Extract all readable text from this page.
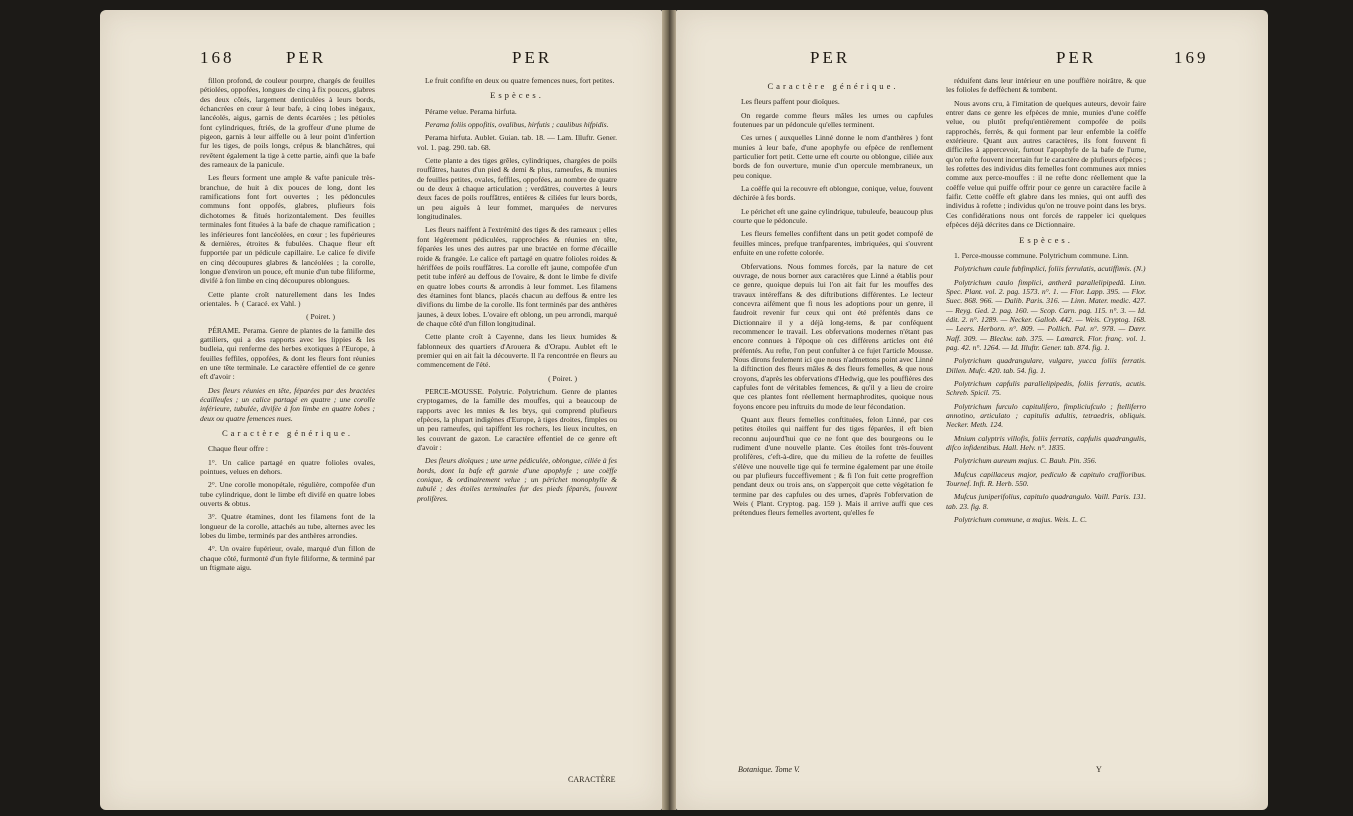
168	PER	PER

fillon profond, de couleur pourpre, chargés de feuilles pétiolées, oppofées, longues de cinq à fix pouces, glabres des deux côtés, largement denticulées à leurs bords, échancrées en cœur à leur bafe, à cinq lobes inégaux, lancéolés, aigus, garnis de dents écartées ; les pétioles font cylindriques, ftriés, de la groffeur d'une plume de pigeon, garnis à leur aiffelle ou à leur point d'infertion fur les tiges, de poils longs, crépus & blanchâtres, qui revêtent également la tige à cette partie, ainfi que la bafe des rameaux de la panicule.

Les fleurs forment une ample & vafte panicule très-branchue, de huit à dix pouces de long, dont les ramifications font fort ouvertes ; les pédoncules communs font oppofés, glabres, plufieurs fois dichotomes & fitués horizontalement. Des feuilles terminales font fituées à la bafe de chaque ramification ; les inférieures font lancéolées, en cœur ; les fupérieures & dernières, étroites & fubulées. Chaque fleur eft fupportée par un pédicule capillaire. Le calice fe divife en cinq découpures glabres & lancéolées ; la corolle, longue d'environ un pouce, eft munie d'un tube filiforme, divifé à fon limbe en cinq découpures oblongues.

Cette plante croît naturellement dans les Indes orientales. ♄ ( Caracé. ex Vahl. )

( Poiret. )

PÉRAME. Perama. Genre de plantes de la famille des gattiliers, qui a des rapports avec les lippies & les budleia, qui renferme des herbes exotiques à l'Europe, à feuilles feffiles, oppofées, & dont les fleurs font réunies en une tête terminale. Le caractère effentiel de ce genre eft d'avoir :

Des fleurs réunies en tête, féparées par des bractées écailleufes ; un calice partagé en quatre ; une corolle inférieure, tubulée, divifée à fon limbe en quatre lobes ; deux ou quatre femences nues.

Caractère générique.

Chaque fleur offre :

1°. Un calice partagé en quatre folioles ovales, pointues, velues en dehors.

2°. Une corolle monopétale, régulière, compofée d'un tube cylindrique, dont le limbe eft divifé en quatre lobes ouverts & obtus.

3°. Quatre étamines, dont les filamens font de la longueur de la corolle, attachés au tube, alternes avec les lobes du limbe, terminés par des anthères arrondies.

4°. Un ovaire fupérieur, ovale, marqué d'un fillon de chaque côté, furmonté d'un ftyle filiforme, & terminé par un ftigmate aigu.

Le fruit confifte en deux ou quatre femences nues, fort petites.

Espèces.

Pérame velue. Perama hirfuta.

Perama foliis oppofitis, ovalibus, hirfutis ; caulibus hifpidis.

Perama hirfuta. Aublet. Guian. tab. 18. — Lam. Illuftr. Gener. vol. 1. pag. 290. tab. 68.

Cette plante a des tiges grêles, cylindriques, chargées de poils rouffâtres, hautes d'un pied & demi & plus, rameufes, & munies de feuilles petites, ovales, feffiles, oppofées, au nombre de quatre ou de deux à chaque articulation ; verdâtres, couvertes à leurs deux faces de poils rouffâtres, entières & ciliées fur leurs bords, un peu aiguës à leur fommet, marquées de nervures longitudinales.

Les fleurs naiffent à l'extrémité des tiges & des rameaux ; elles font légèrement pédiculées, rapprochées & réunies en tête, féparées les unes des autres par une bractée en forme d'écaille roide & frangée. Le calice eft partagé en quatre folioles roides & hériffées de poils rouffâtres. La corolle eft jaune, compofée d'un petit tube inféré au deffous de l'ovaire, & dont le limbe fe divife en quatre lobes courts & arrondis à leur fommet. Les filamens des étamines font blancs, placés chacun au deffous & entre les divifions du limbe de la corolle. Ils font terminés par des anthères jaunes, à deux lobes. L'ovaire eft oblong, un peu arrondi, marqué de chaque côté d'un fillon longitudinal.

Cette plante croît à Cayenne, dans les lieux humides & fablonneux des quartiers d'Arouera & d'Orapu. Aublet eft le premier qui en ait fait la découverte. Il l'a rencontrée en fleurs au commencement de l'été.

( Poiret. )

PERCE-MOUSSE. Polytric. Polytrichum. Genre de plantes cryptogames, de la famille des mouffes, qui a beaucoup de rapports avec les mnies & les brys, qui comprend plufieurs efpèces, la plupart indigènes d'Europe, à tiges droites, fimples ou un peu rameufes, qui tapiffent les rochers, les lieux incultes, en les couvrant de gazon. Le caractère effentiel de ce genre eft d'avoir :

Des fleurs dioïques ; une urne pédiculée, oblongue, ciliée à fes bords, dont la bafe eft garnie d'une apophyfe ; une coëffe conique, & ordinairement velue ; un périchet monophylle & tubulé ; des étoiles terminales fur des pieds féparés, fouvent prolifères.

CARACTÈRE
PER	PER	169
Caractère générique.

Les fleurs paffent pour dioïques.

On regarde comme fleurs mâles les urnes ou capfules foutenues par un pédoncule qu'elles terminent.

Ces urnes ( auxquelles Linné donne le nom d'anthères ) font munies à leur bafe, d'une apophyfe ou efpèce de renflement particulier fort petit. Cette urne eft courte ou oblongue, ciliée aux bords de fon ouverture, munie d'un opercule membraneux, un peu conique.

La coëffe qui la recouvre eft oblongue, conique, velue, fouvent déchirée à fes bords.

Le périchet eft une gaine cylindrique, tubuleufe, beaucoup plus courte que le pédoncule.

Les fleurs femelles confiftent dans un petit godet compofé de feuilles minces, prefque tranfparentes, imbriquées, qui s'ouvrent enfuite en une rofette colorée.

Obfervations. Nous fommes forcés, par la nature de cet ouvrage, de nous borner aux caractères que Linné a établis pour ce genre, quoique depuis lui l'on ait fait fur les mouffes des travaux intéreffans & des diftributions différentes. Le lecteur concevra aifément que fi nous les adoptions pour un genre, il faudroit revenir fur ceux qui ont été préfentés dans ce Dictionnaire il y a déjà long-tems, & par conféquent recommencer le travail. Les obfervations modernes n'étant pas encore connues à l'époque où ces différens articles ont été préfentés. Au refte, l'on peut confulter à ce fujet l'article Mousse. Nous dirons feulement ici que nous n'admettons point avec Linné la diftinction des fleurs mâles & des fleurs femelles, & que nous croyons, d'après les obfervations d'Hedwig, que les pouffières des capfules font de véritables femences, & qu'il y a lieu de croire que ces plantes font réellement hermaphrodites, quoique nous foyons encore peu inftruits du mode de leur fécondation.

Quant aux fleurs femelles conftituées, felon Linné, par ces petites étoiles qui naiffent fur des tiges féparées, il eft bien reconnu aujourd'hui que ce ne font que des bourgeons ou le rudiment d'une nouvelle plante. Ces étoiles font très-fouvent prolifères, c'eft-à-dire, que du milieu de la rofette de feuilles s'élève une nouvelle tige qui fe termine également par une étoile ou par plufieurs fucceffivement ; & fi l'on fuit cette progreffion pendant deux ou trois ans, on s'apperçoit que cette végétation fe termine par des capfules ou des urnes, d'après l'obfervation de Weis ( Plant. Cryptog. pag. 159 ). Mais il arrive auffi que ces prétendues fleurs femelles avortent, qu'elles fe

réduifent dans leur intérieur en une pouffière noirâtre, & que les folioles fe deffèchent & tombent.

Nous avons cru, à l'imitation de quelques auteurs, devoir faire entrer dans ce genre les efpèces de mnie, munies d'une coëffe velue, ou plutôt prefqu'entièrement compofée de poils rapprochés, ferrés, & qui forment par leur enfemble la coëffe extérieure. Quant aux autres caractères, ils font fouvent fi difficiles à appercevoir, furtout l'apophyfe de la bafe de l'urne, qu'on refte fouvent incertain fur le caractère de plufieurs efpèces ; les rofettes des individus dits femelles font communes aux mnies comme aux perce-mouffes : il ne refte donc réellement que la coëffe velue qui puiffe offrir pour ce genre un caractère facile à faifir. Cette coëffe eft glabre dans les mnies, qui ont auffi des individus à rofette ; individus qu'on ne trouve point dans les brys. Ces confidérations nous ont forcés de rappeler ici quelques efpèces déjà décrites dans ce Dictionnaire.

Espèces.

1. Perce-mousse commune. Polytrichum commune. Linn.

Polytrichum caule fubfimplici, foliis ferrulatis, acutiffimis. (N.)

Polytrichum caulo fimplici, antherâ parallelipipedâ. Linn. Spec. Plant. vol. 2. pag. 1573. n°. 1. — Flor. Lapp. 395. — Flor. Suec. 868. 966. — Dalib. Paris. 316. — Linn. Mater. medic. 427. — Reyg. Ged. 2. pag. 160. — Scop. Carn. pag. 115. n°. 3. — Id. édit. 2. n°. 1289. — Necker. Gallob. 442. — Weis. Cryptog. 168. — Leers. Herborn. n°. 809. — Pollich. Pal. n°. 978. — Dœrr. Naff. 309. — Bleckw. tab. 375. — Lamarck. Flor. franç. vol. 1. pag. 42. n°. 1264. — Id. Illuftr. Gener. tab. 874. fig. 1.

Polytrichum quadrangulare, vulgare, yucca foliis ferratis. Dillen. Mufc. 420. tab. 54. fig. 1.

Polytrichum capfulis parallelipipedis, foliis ferratis, acutis. Schreb. Spicil. 75.

Polytrichum furculo capitulifero, fimpliciufculo ; ftelliferro annotino, articulato ; capitulis adultis, tetraedris, obliquis. Necker. Meth. 124.

Mnium calyptris villofis, foliis ferratis, capfulis quadrangulis, difco infidentibus. Hall. Helv. n°. 1835.

Polytrichum aureum majus. C. Bauh. Pin. 356.

Mufcus capillaceus major, pediculo & capitulo craffioribus. Tournef. Inft. R. Herb. 550.

Mufcus juniperifolius, capitulo quadrangulo. Vaill. Paris. 131. tab. 23. fig. 8.

Polytrichum commune, α majus. Weis. L. C.

Botanique. Tome V.	Y
